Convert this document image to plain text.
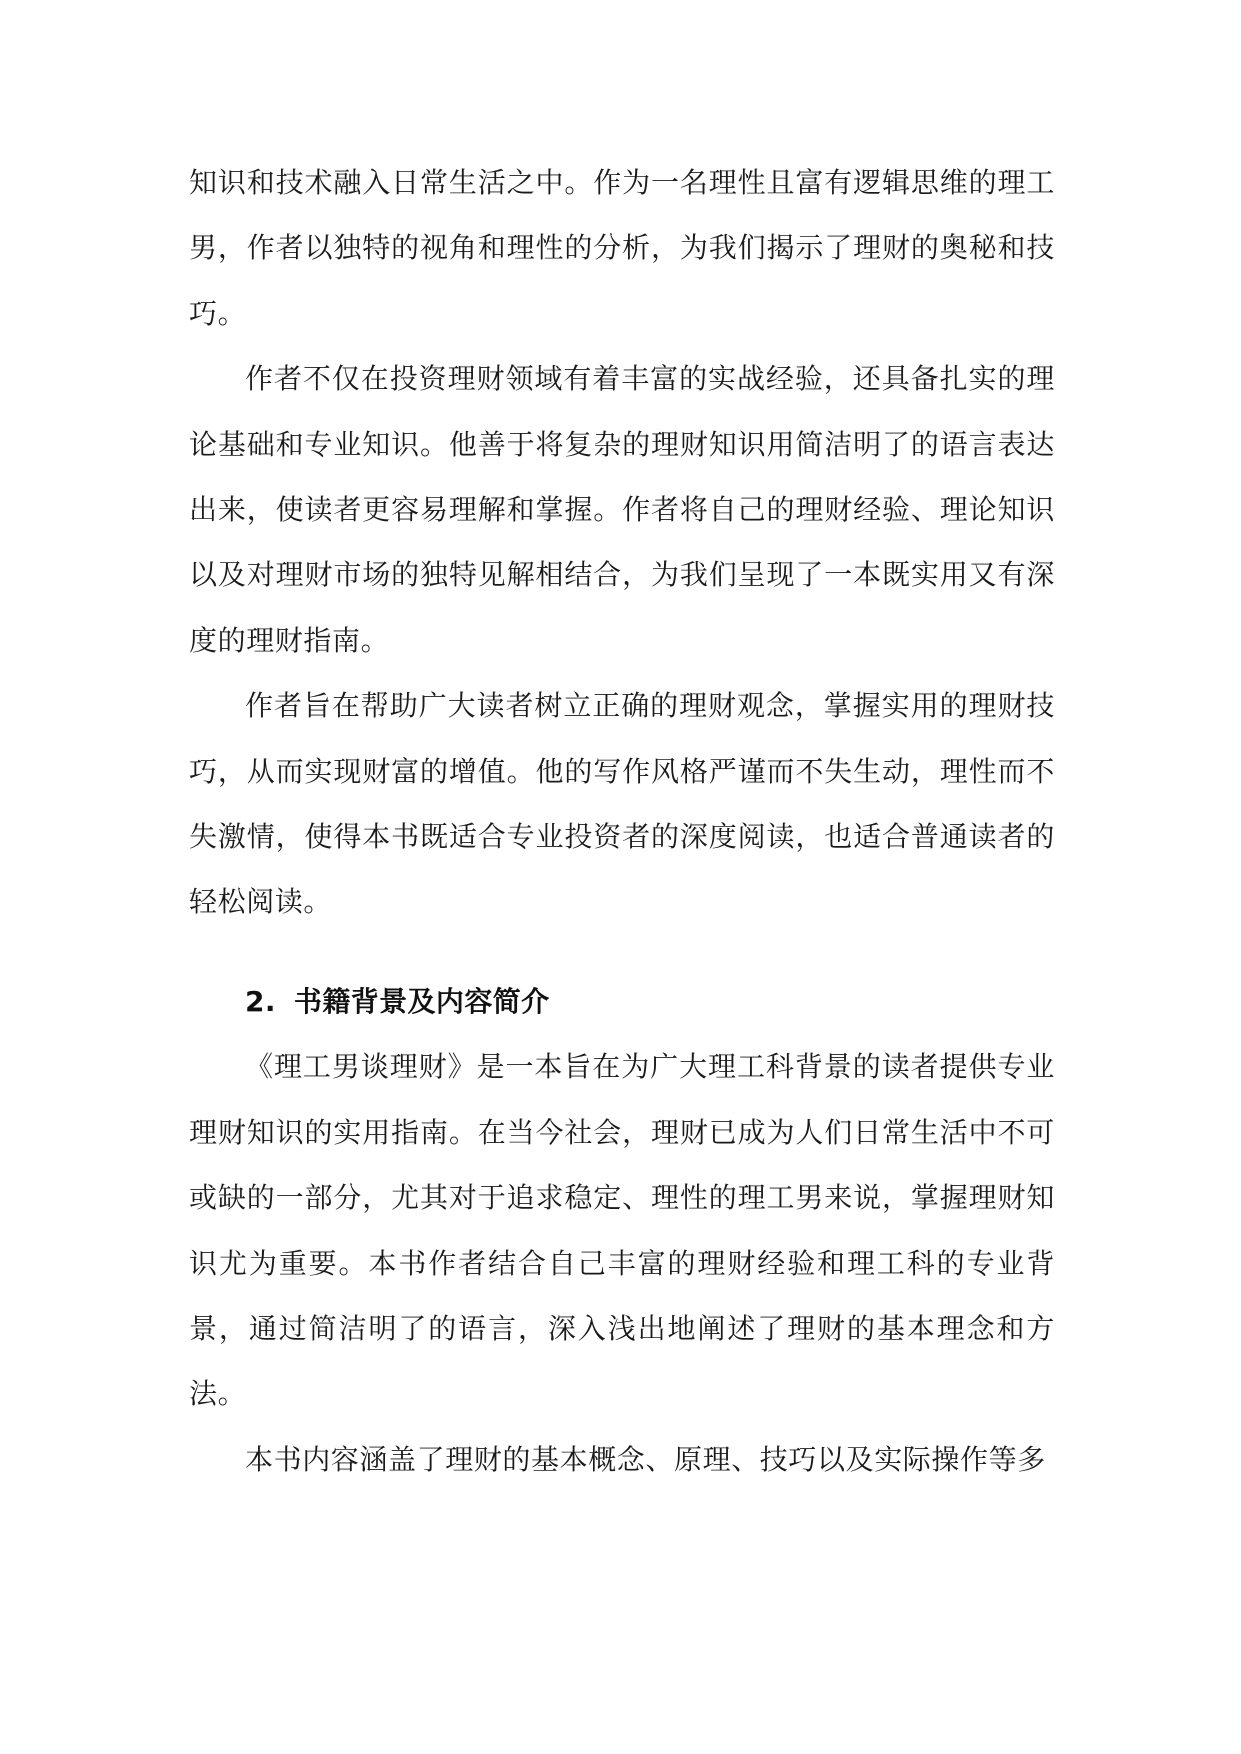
知识和技术融入日常生活之中。作为一名理性且富有逻辑思维的理工男，作者以独特的视角和理性的分析，为我们揭示了理财的奥秘和技巧。

作者不仅在投资理财领域有着丰富的实战经验，还具备扎实的理论基础和专业知识。他善于将复杂的理财知识用简洁明了的语言表达出来，使读者更容易理解和掌握。作者将自己的理财经验、理论知识以及对理财市场的独特见解相结合，为我们呈现了一本既实用又有深度的理财指南。

作者旨在帮助广大读者树立正确的理财观念，掌握实用的理财技巧，从而实现财富的增值。他的写作风格严谨而不失生动，理性而不失激情，使得本书既适合专业投资者的深度阅读，也适合普通读者的轻松阅读。

2. 书籍背景及内容简介

《理工男谈理财》是一本旨在为广大理工科背景的读者提供专业理财知识的实用指南。在当今社会，理财已成为人们日常生活中不可或缺的一部分，尤其对于追求稳定、理性的理工男来说，掌握理财知识尤为重要。本书作者结合自己丰富的理财经验和理工科的专业背景，通过简洁明了的语言，深入浅出地阐述了理财的基本理念和方法。

本书内容涵盖了理财的基本概念、原理、技巧以及实际操作等多
